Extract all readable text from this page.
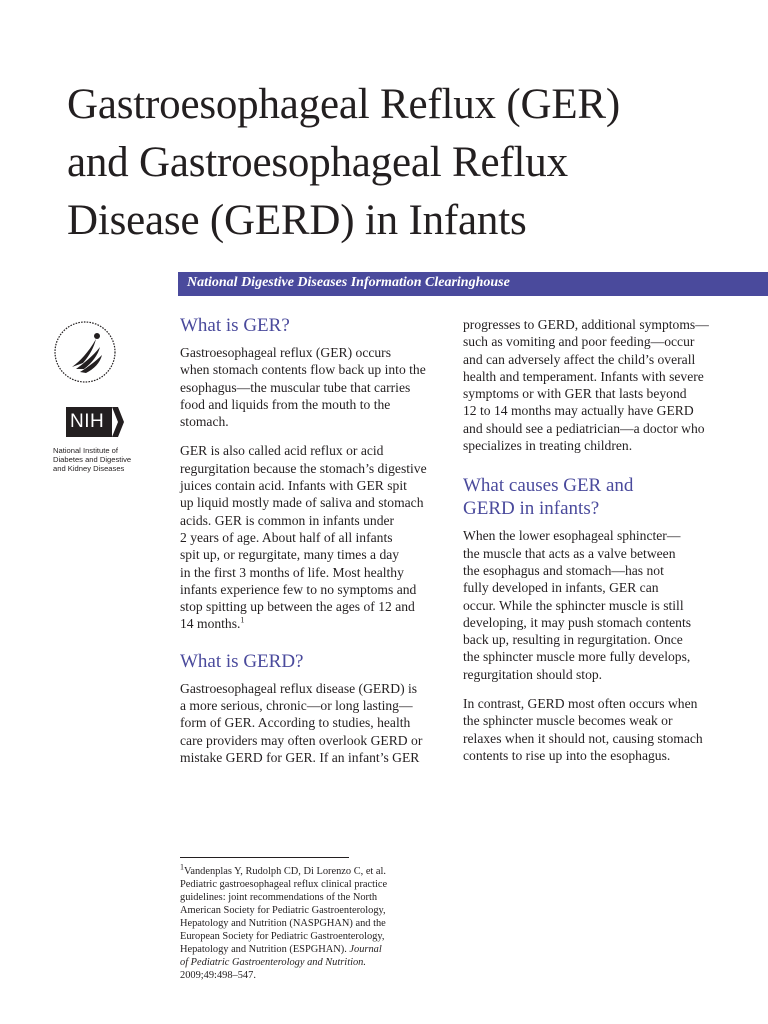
Gastroesophageal Reflux (GER)
and Gastroesophageal Reflux
Disease (GERD) in Infants
National Digestive Diseases Information Clearinghouse
NIH
National Institute of
Diabetes and Digestive
and Kidney Diseases
What is GER?

Gastroesophageal reflux (GER) occurs
when stomach contents flow back up into the
esophagus—the muscular tube that carries
food and liquids from the mouth to the
stomach.

GER is also called acid reflux or acid
regurgitation because the stomach’s digestive
juices contain acid. Infants with GER spit
up liquid mostly made of saliva and stomach
acids. GER is common in infants under
2 years of age. About half of all infants
spit up, or regurgitate, many times a day
in the first 3 months of life. Most healthy
infants experience few to no symptoms and
stop spitting up between the ages of 12 and
14 months.$^1$

What is GERD?

Gastroesophageal reflux disease (GERD) is
a more serious, chronic—or long lasting—
form of GER. According to studies, health
care providers may often overlook GERD or
mistake GERD for GER. If an infant’s GER

progresses to GERD, additional symptoms—
such as vomiting and poor feeding—occur
and can adversely affect the child’s overall
health and temperament. Infants with severe
symptoms or with GER that lasts beyond
12 to 14 months may actually have GERD
and should see a pediatrician—a doctor who
specializes in treating children.

What causes GER and
GERD in infants?

When the lower esophageal sphincter—
the muscle that acts as a valve between
the esophagus and stomach—has not
fully developed in infants, GER can
occur. While the sphincter muscle is still
developing, it may push stomach contents
back up, resulting in regurgitation. Once
the sphincter muscle more fully develops,
regurgitation should stop.

In contrast, GERD most often occurs when
the sphincter muscle becomes weak or
relaxes when it should not, causing stomach
contents to rise up into the esophagus.

$^1$Vandenplas Y, Rudolph CD, Di Lorenzo C, et al.
Pediatric gastroesophageal reflux clinical practice
guidelines: joint recommendations of the North
American Society for Pediatric Gastroenterology,
Hepatology and Nutrition (NASPGHAN) and the
European Society for Pediatric Gastroenterology,
Hepatology and Nutrition (ESPGHAN). Journal
of Pediatric Gastroenterology and Nutrition.
2009;49:498–547.
